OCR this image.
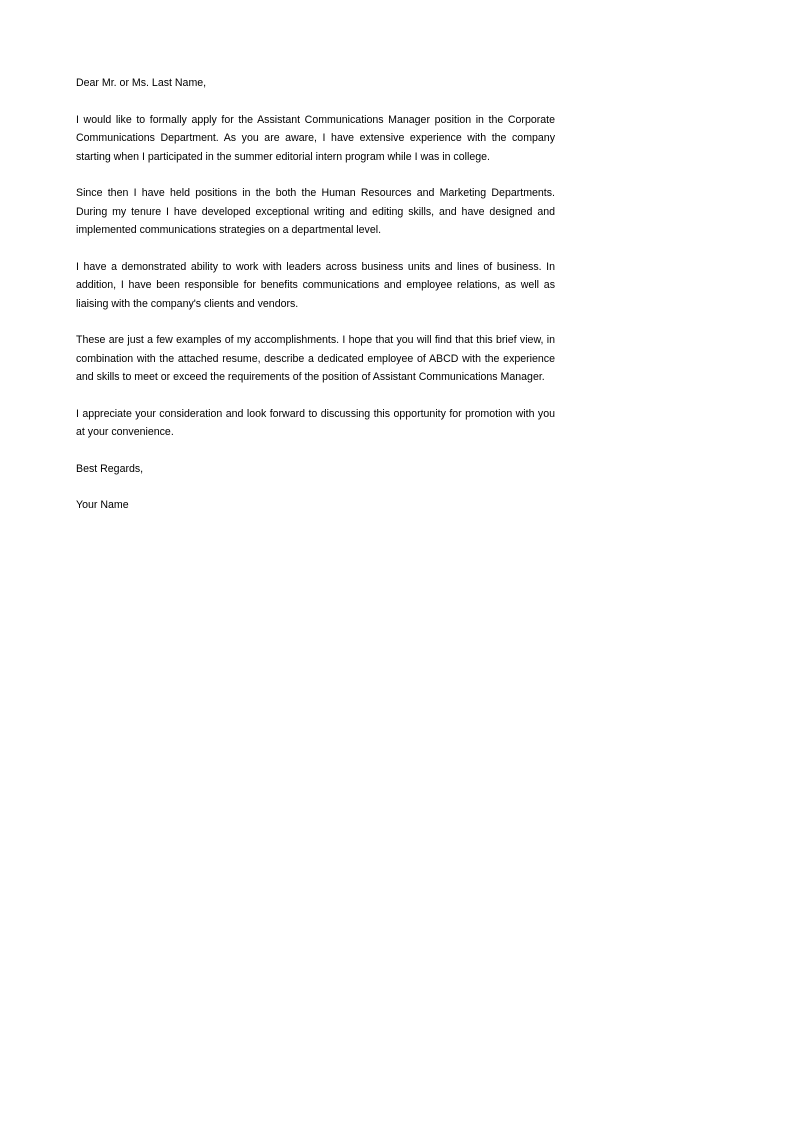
Dear Mr. or Ms. Last Name,

I would like to formally apply for the Assistant Communications Manager position in the Corporate Communications Department. As you are aware, I have extensive experience with the company starting when I participated in the summer editorial intern program while I was in college.

Since then I have held positions in the both the Human Resources and Marketing Departments. During my tenure I have developed exceptional writing and editing skills, and have designed and implemented communications strategies on a departmental level.

I have a demonstrated ability to work with leaders across business units and lines of business. In addition, I have been responsible for benefits communications and employee relations, as well as liaising with the company's clients and vendors.

These are just a few examples of my accomplishments. I hope that you will find that this brief view, in combination with the attached resume, describe a dedicated employee of ABCD with the experience and skills to meet or exceed the requirements of the position of Assistant Communications Manager.

I appreciate your consideration and look forward to discussing this opportunity for promotion with you at your convenience.

Best Regards,

Your Name
